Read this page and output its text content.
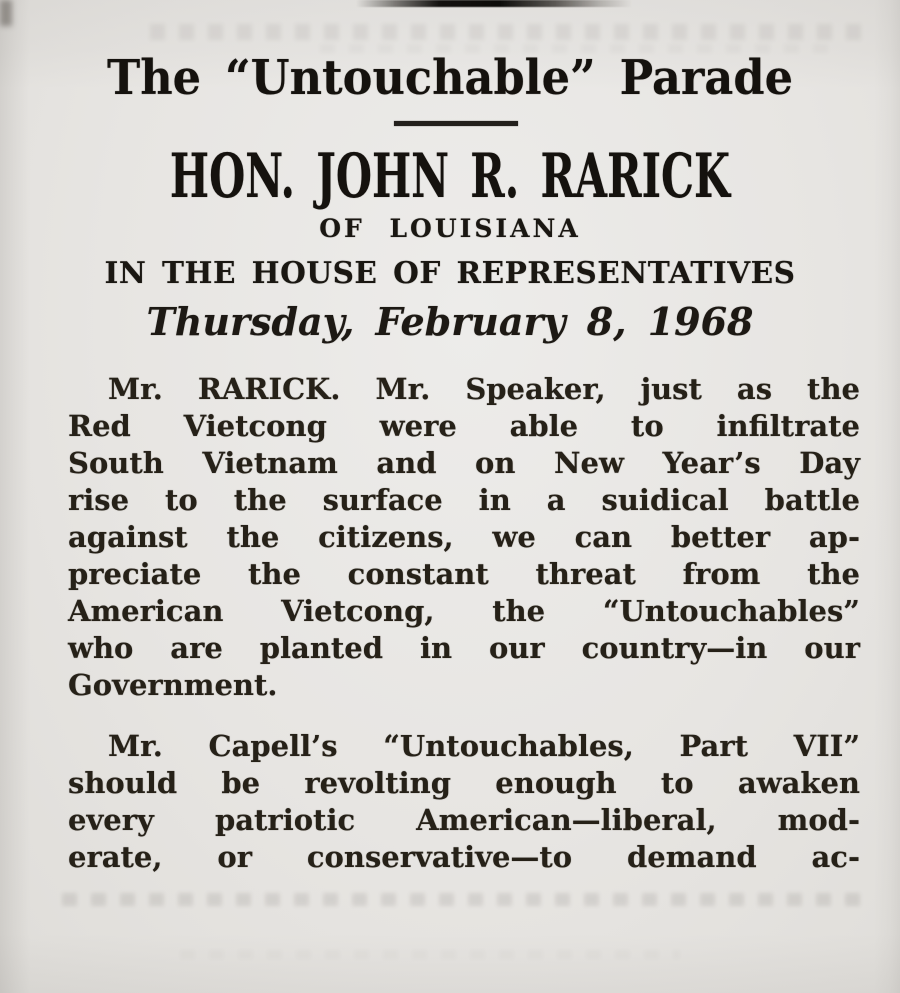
The “Untouchable” Parade
HON. JOHN R. RARICK
OF LOUISIANA
IN THE HOUSE OF REPRESENTATIVES
Thursday, February 8, 1968
Mr. RARICK. Mr. Speaker, just as the
Red Vietcong were able to infiltrate
South Vietnam and on New Year’s Day
rise to the surface in a suidical battle
against the citizens, we can better ap-
preciate the constant threat from the
American Vietcong, the “Untouchables”
who are planted in our country—in our
Government.
Mr. Capell’s “Untouchables, Part VII”
should be revolting enough to awaken
every patriotic American—liberal, mod-
erate, or conservative—to demand ac-
